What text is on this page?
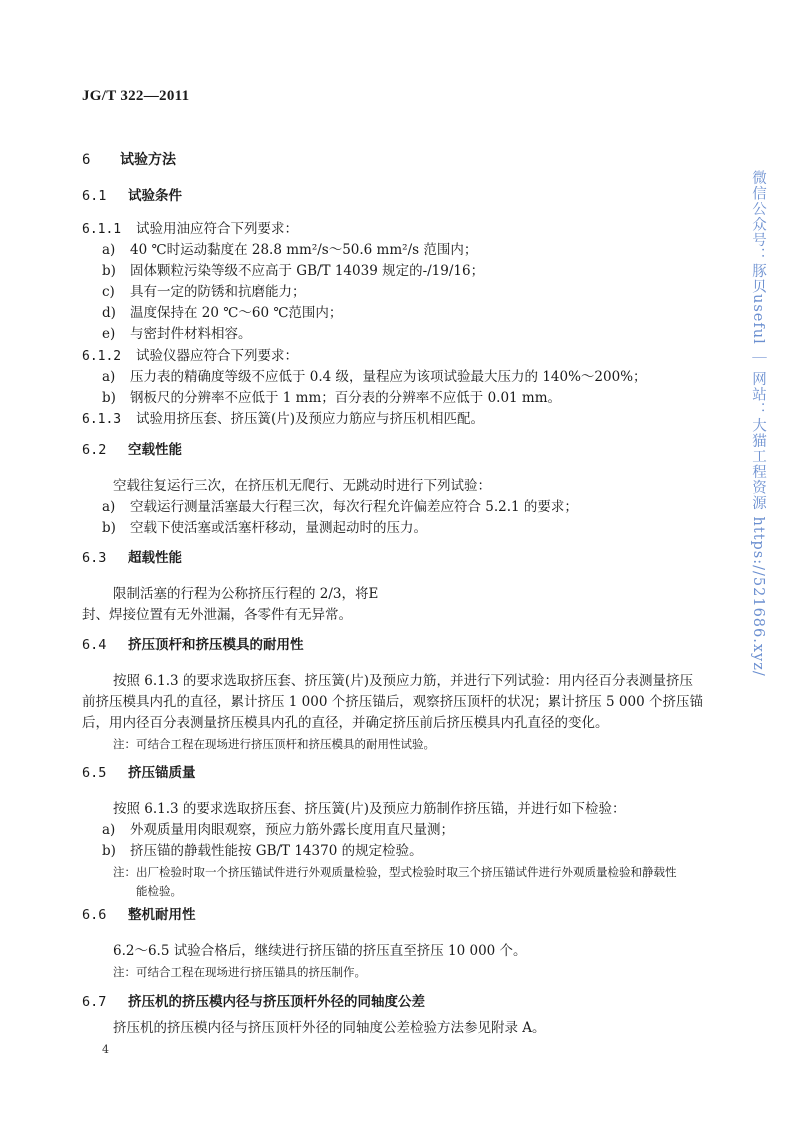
JG/T 322—2011
6 试验方法
6.1 试验条件
6.1.1 试验用油应符合下列要求：
a) 40 ℃时运动黏度在 28.8 mm²/s～50.6 mm²/s 范围内；
b) 固体颗粒污染等级不应高于 GB/T 14039 规定的-/19/16；
c) 具有一定的防锈和抗磨能力；
d) 温度保持在 20 ℃～60 ℃范围内；
e) 与密封件材料相容。
6.1.2 试验仪器应符合下列要求：
a) 压力表的精确度等级不应低于 0.4 级，量程应为该项试验最大压力的 140%～200%；
b) 钢板尺的分辨率不应低于 1 mm；百分表的分辨率不应低于 0.01 mm。
6.1.3 试验用挤压套、挤压簧(片)及预应力筋应与挤压机相匹配。
6.2 空载性能
空载往复运行三次，在挤压机无爬行、无跳动时进行下列试验：
a) 空载运行测量活塞最大行程三次，每次行程允许偏差应符合 5.2.1 的要求；
b) 空载下使活塞或活塞杆移动，量测起动时的压力。
6.3 超载性能
限制活塞的行程为公称挤压行程的 2/3，将E
封、焊接位置有无外泄漏，各零件有无异常。
6.4 挤压顶杆和挤压模具的耐用性
按照 6.1.3 的要求选取挤压套、挤压簧(片)及预应力筋，并进行下列试验：用内径百分表测量挤压
前挤压模具内孔的直径，累计挤压 1 000 个挤压锚后，观察挤压顶杆的状况；累计挤压 5 000 个挤压锚
后，用内径百分表测量挤压模具内孔的直径，并确定挤压前后挤压模具内孔直径的变化。
注：可结合工程在现场进行挤压顶杆和挤压模具的耐用性试验。
6.5 挤压锚质量
按照 6.1.3 的要求选取挤压套、挤压簧(片)及预应力筋制作挤压锚，并进行如下检验：
a) 外观质量用肉眼观察，预应力筋外露长度用直尺量测；
b) 挤压锚的静载性能按 GB/T 14370 的规定检验。
注：出厂检验时取一个挤压锚试件进行外观质量检验，型式检验时取三个挤压锚试件进行外观质量检验和静载性
能检验。
6.6 整机耐用性
6.2～6.5 试验合格后，继续进行挤压锚的挤压直至挤压 10 000 个。
注：可结合工程在现场进行挤压锚具的挤压制作。
6.7 挤压机的挤压模内径与挤压顶杆外径的同轴度公差
挤压机的挤压模内径与挤压顶杆外径的同轴度公差检验方法参见附录 A。
4
微信公众号：豚贝useful ｜ 网站：大猫工程资源 https://521686.xyz/
